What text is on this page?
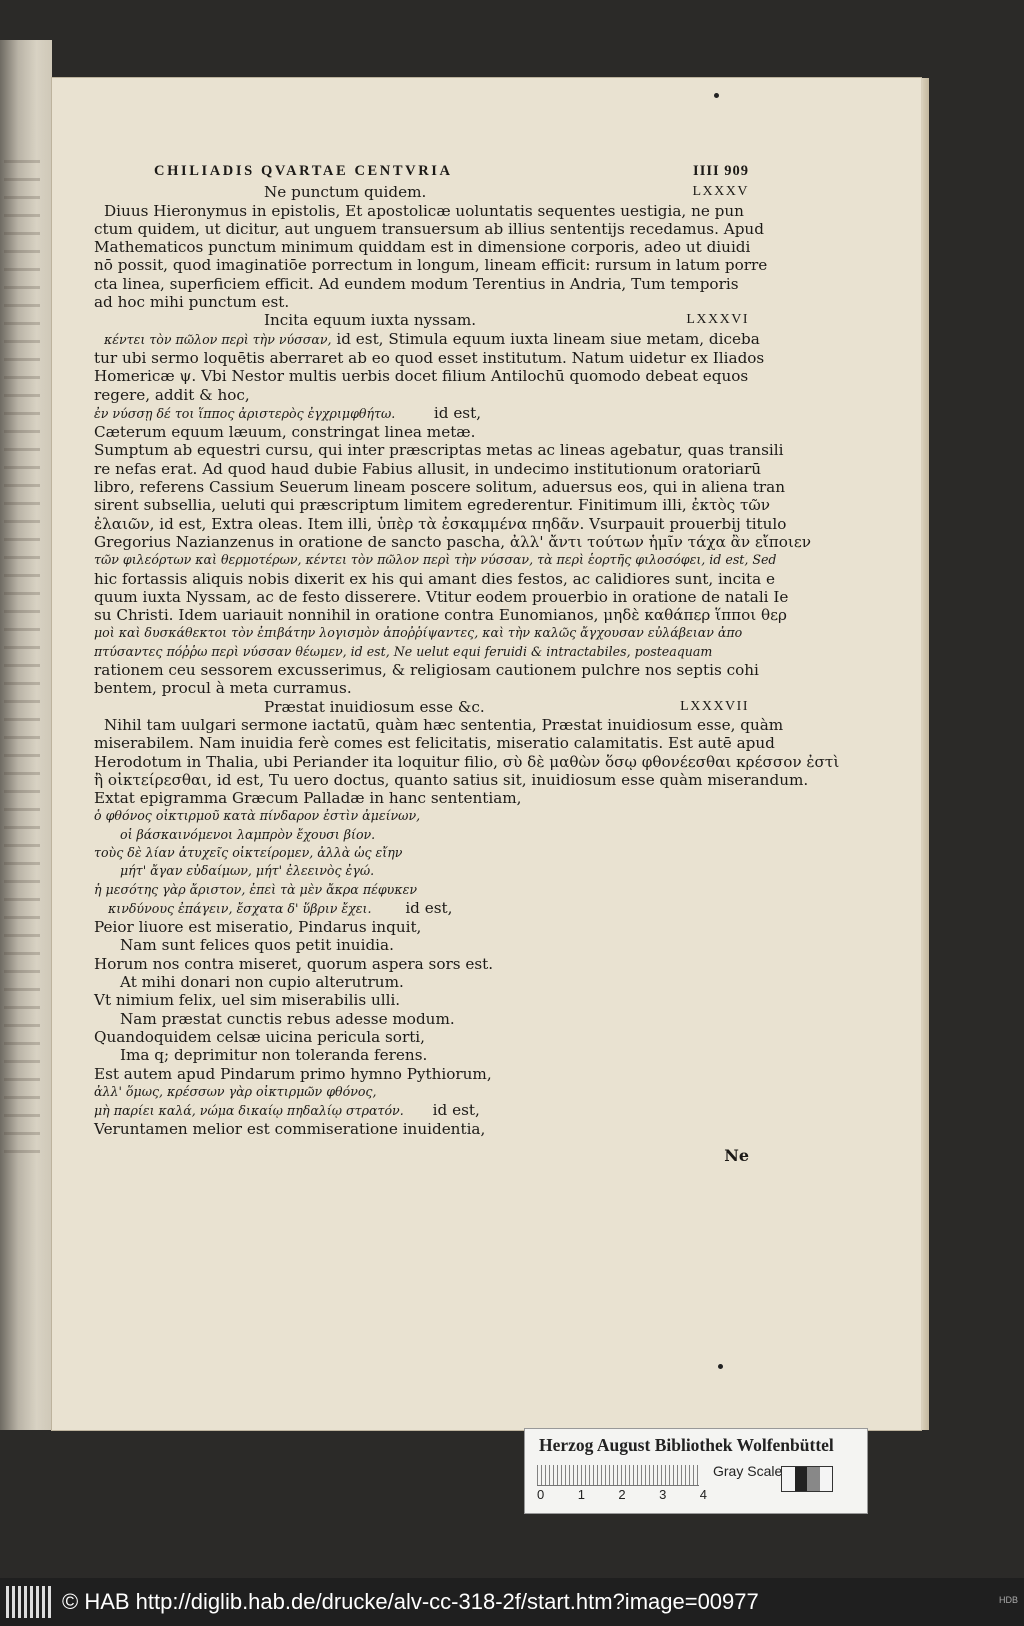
CHILIADIS QVARTAE CENTVRIA	IIII 909
Ne punctum quidem.	LXXXV
Diuus Hieronymus in epistolis, Et apostolicæ uoluntatis sequentes uestigia, ne pun
ctum quidem, ut dicitur, aut unguem transuersum ab illius sententijs recedamus. Apud
Mathematicos punctum minimum quiddam est in dimensione corporis, adeo ut diuidi
nō possit, quod imaginatiōe porrectum in longum, lineam efficit: rursum in latum porre
cta linea, superficiem efficit. Ad eundem modum Terentius in Andria, Tum temporis
ad hoc mihi punctum est.
Incita equum iuxta nyssam.	LXXXVI
κέντει τὸν πῶλον περὶ τὴν νύσσαν, id est, Stimula equum iuxta lineam siue metam, diceba
tur ubi sermo loquētis aberraret ab eo quod esset institutum. Natum uidetur ex Iliados
Homericæ ψ. Vbi Nestor multis uerbis docet filium Antilochū quomodo debeat equos
regere, addit & hoc,
ἐν νύσσῃ δέ τοι ἵππος ἀριστερὸς ἐγχριμφθήτω.	id est,
Cæterum equum læuum, constringat linea metæ.
Sumptum ab equestri cursu, qui inter præscriptas metas ac lineas agebatur, quas transili
re nefas erat. Ad quod haud dubie Fabius allusit, in undecimo institutionum oratoriarū
libro, referens Cassium Seuerum lineam poscere solitum, aduersus eos, qui in aliena tran
sirent subsellia, ueluti qui præscriptum limitem egrederentur. Finitimum illi, ἐκτὸς τῶν
ἐλαιῶν, id est, Extra oleas. Item illi, ὑπὲρ τὰ ἐσκαμμένα πηδᾶν. Vsurpauit prouerbij titulo
Gregorius Nazianzenus in oratione de sancto pascha, ἀλλ' ἄντι τούτων ἡμῖν τάχα ἂν εἴποιεν
τῶν φιλεόρτων καὶ θερμοτέρων, κέντει τὸν πῶλον περὶ τὴν νύσσαν, τὰ περὶ ἑορτῆς φιλοσόφει, id est, Sed
hic fortassis aliquis nobis dixerit ex his qui amant dies festos, ac calidiores sunt, incita e
quum iuxta Nyssam, ac de festo disserere. Vtitur eodem prouerbio in oratione de natali Ie
su Christi. Idem uariauit nonnihil in oratione contra Eunomianos, μηδὲ καθάπερ ἵπποι θερ
μοὶ καὶ δυσκάθεκτοι τὸν ἐπιβάτην λογισμὸν ἀποῤῥίψαντες, καὶ τὴν καλῶς ἄγχουσαν εὐλάβειαν ἀπο
πτύσαντες πόῤῥω περὶ νύσσαν θέωμεν, id est, Ne uelut equi feruidi & intractabiles, posteaquam
rationem ceu sessorem excusserimus, & religiosam cautionem pulchre nos septis cohi
bentem, procul à meta curramus.
Præstat inuidiosum esse &c.	LXXXVII
Nihil tam uulgari sermone iactatū, quàm hæc sententia, Præstat inuidiosum esse, quàm
miserabilem. Nam inuidia ferè comes est felicitatis, miseratio calamitatis. Est autē apud
Herodotum in Thalia, ubi Periander ita loquitur filio, σὺ δὲ μαθὼν ὅσῳ φθονέεσθαι κρέσσον ἐστὶ
ἢ οἰκτείρεσθαι, id est, Tu uero doctus, quanto satius sit, inuidiosum esse quàm miserandum.
Extat epigramma Græcum Palladæ in hanc sententiam,
ὁ φθόνος οἰκτιρμοῦ κατὰ πίνδαρον ἐστὶν ἀμείνων,
οἱ βάσκαινόμενοι λαμπρὸν ἔχουσι βίον.
τοὺς δὲ λίαν ἀτυχεῖς οἰκτείρομεν, ἀλλὰ ὡς εἴην
μήτ' ἄγαν εὐδαίμων, μήτ' ἐλεεινὸς ἐγώ.
ἡ μεσότης γὰρ ἄριστον, ἐπεὶ τὰ μὲν ἄκρα πέφυκεν
κινδύνους ἐπάγειν, ἔσχατα δ' ὕβριν ἔχει. id est,
Peior liuore est miseratio, Pindarus inquit,
Nam sunt felices quos petit inuidia.
Horum nos contra miseret, quorum aspera sors est.
At mihi donari non cupio alterutrum.
Vt nimium felix, uel sim miserabilis ulli.
Nam præstat cunctis rebus adesse modum.
Quandoquidem celsæ uicina pericula sorti,
Ima q; deprimitur non toleranda ferens.
Est autem apud Pindarum primo hymno Pythiorum,
ἀλλ' ὅμως, κρέσσων γὰρ οἰκτιρμῶν φθόνος,
μὴ παρίει καλά, νώμα δικαίῳ πηδαλίῳ στρατόν. id est,
Veruntamen melior est commiseratione inuidentia,
Ne
Herzog August Bibliothek Wolfenbüttel
0	1	2	3	4
Gray Scale
© HAB http://diglib.hab.de/drucke/alv-cc-318-2f/start.htm?image=00977	HDB
